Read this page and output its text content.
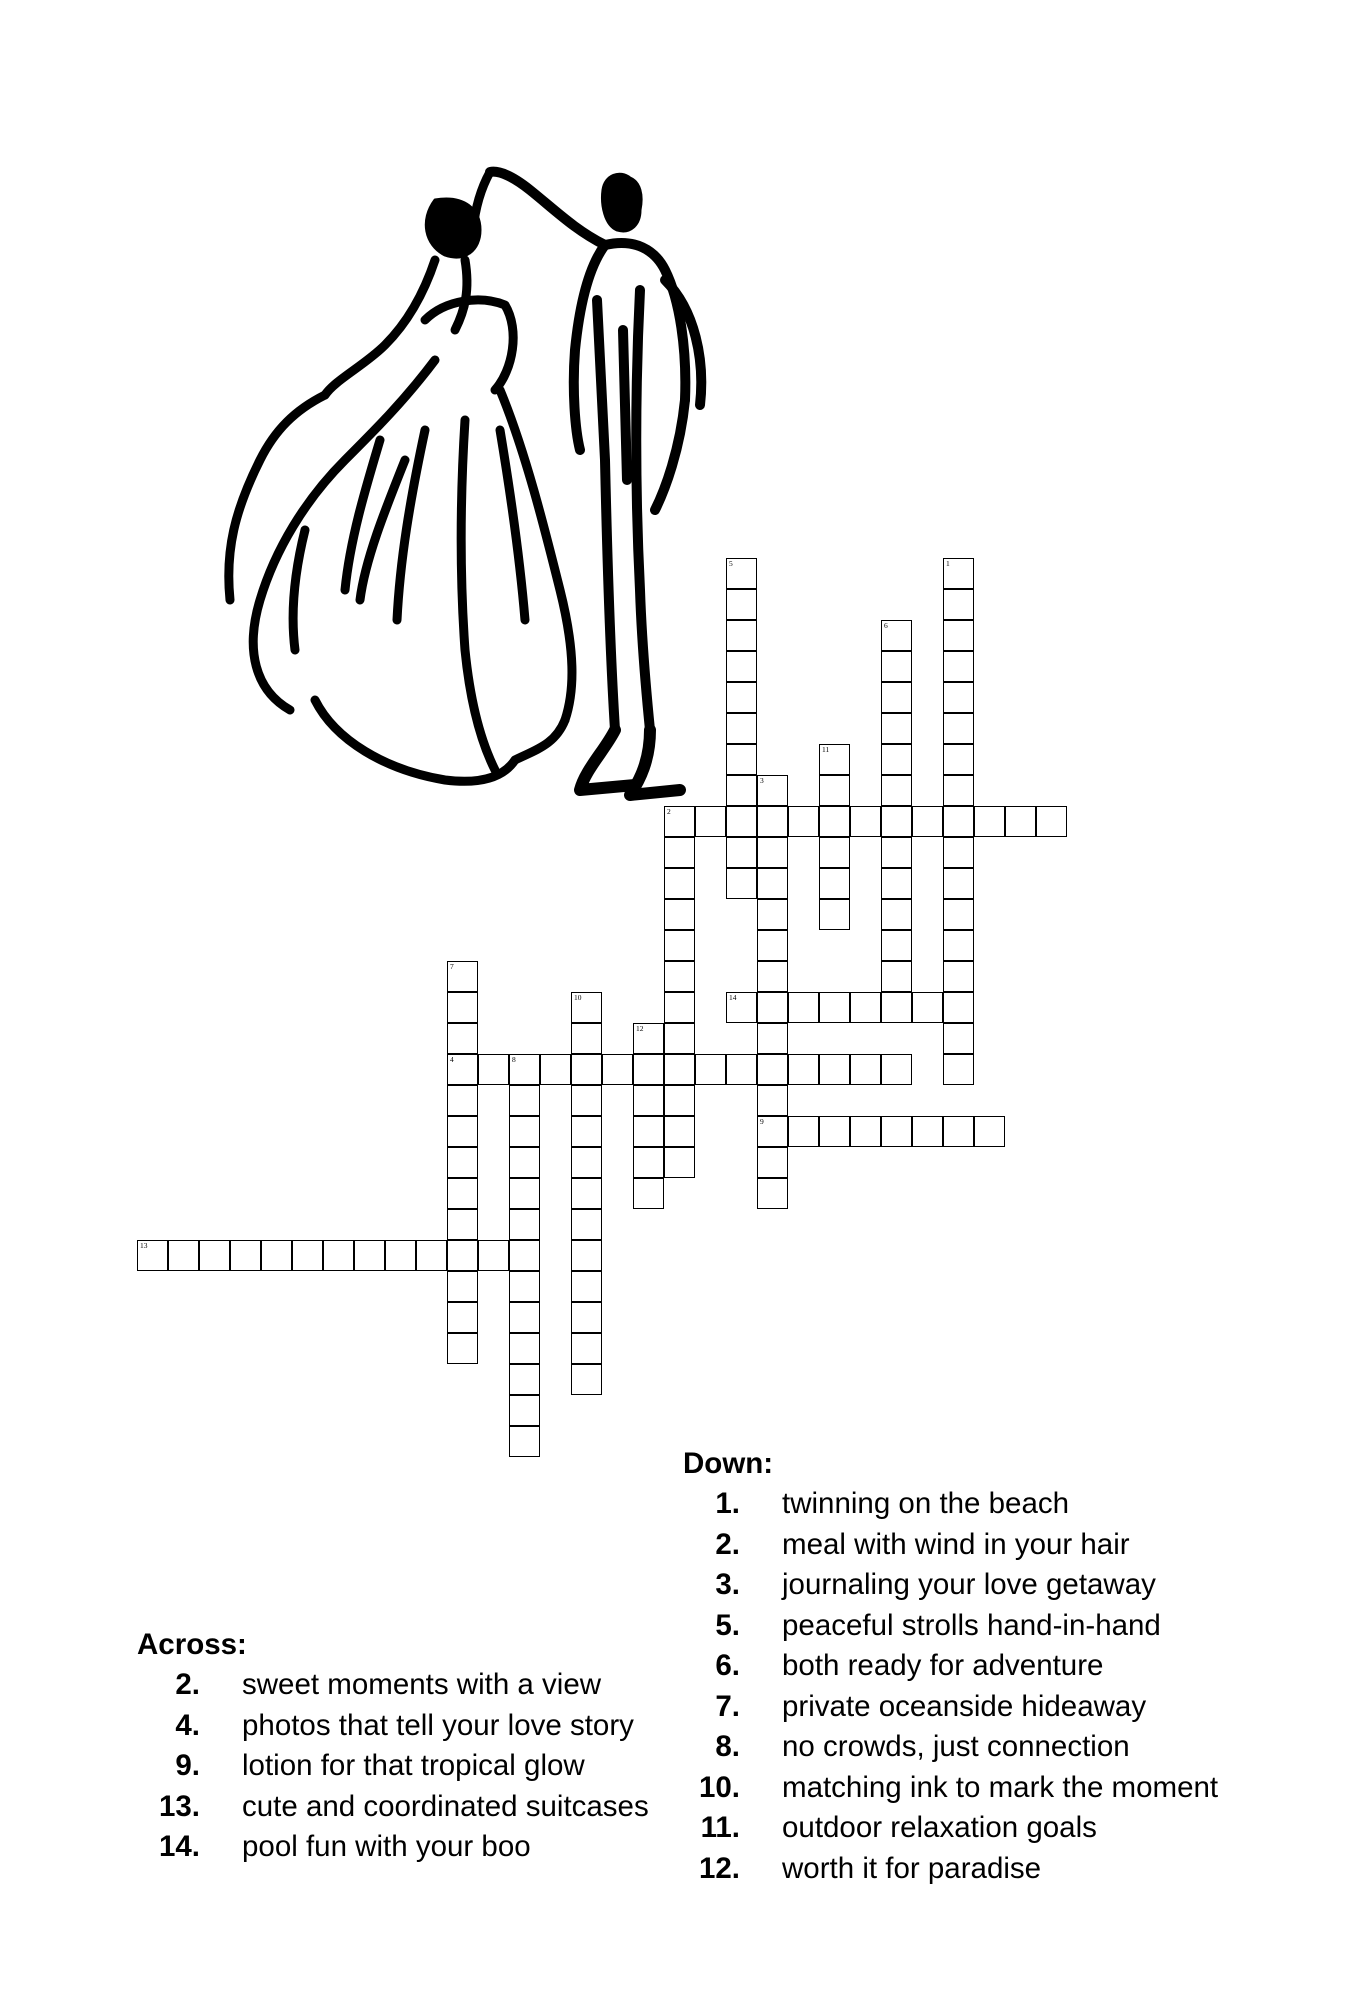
1
2
3
9
4	8
5
6
7
10
11
12
13
14
Across:
2. sweet moments with a view
4. photos that tell your love story
9. lotion for that tropical glow
13. cute and coordinated suitcases
14. pool fun with your boo
Down:
1. twinning on the beach
2. meal with wind in your hair
3. journaling your love getaway
5. peaceful strolls hand-in-hand
6. both ready for adventure
7. private oceanside hideaway
8. no crowds, just connection
10. matching ink to mark the moment
11. outdoor relaxation goals
12. worth it for paradise
